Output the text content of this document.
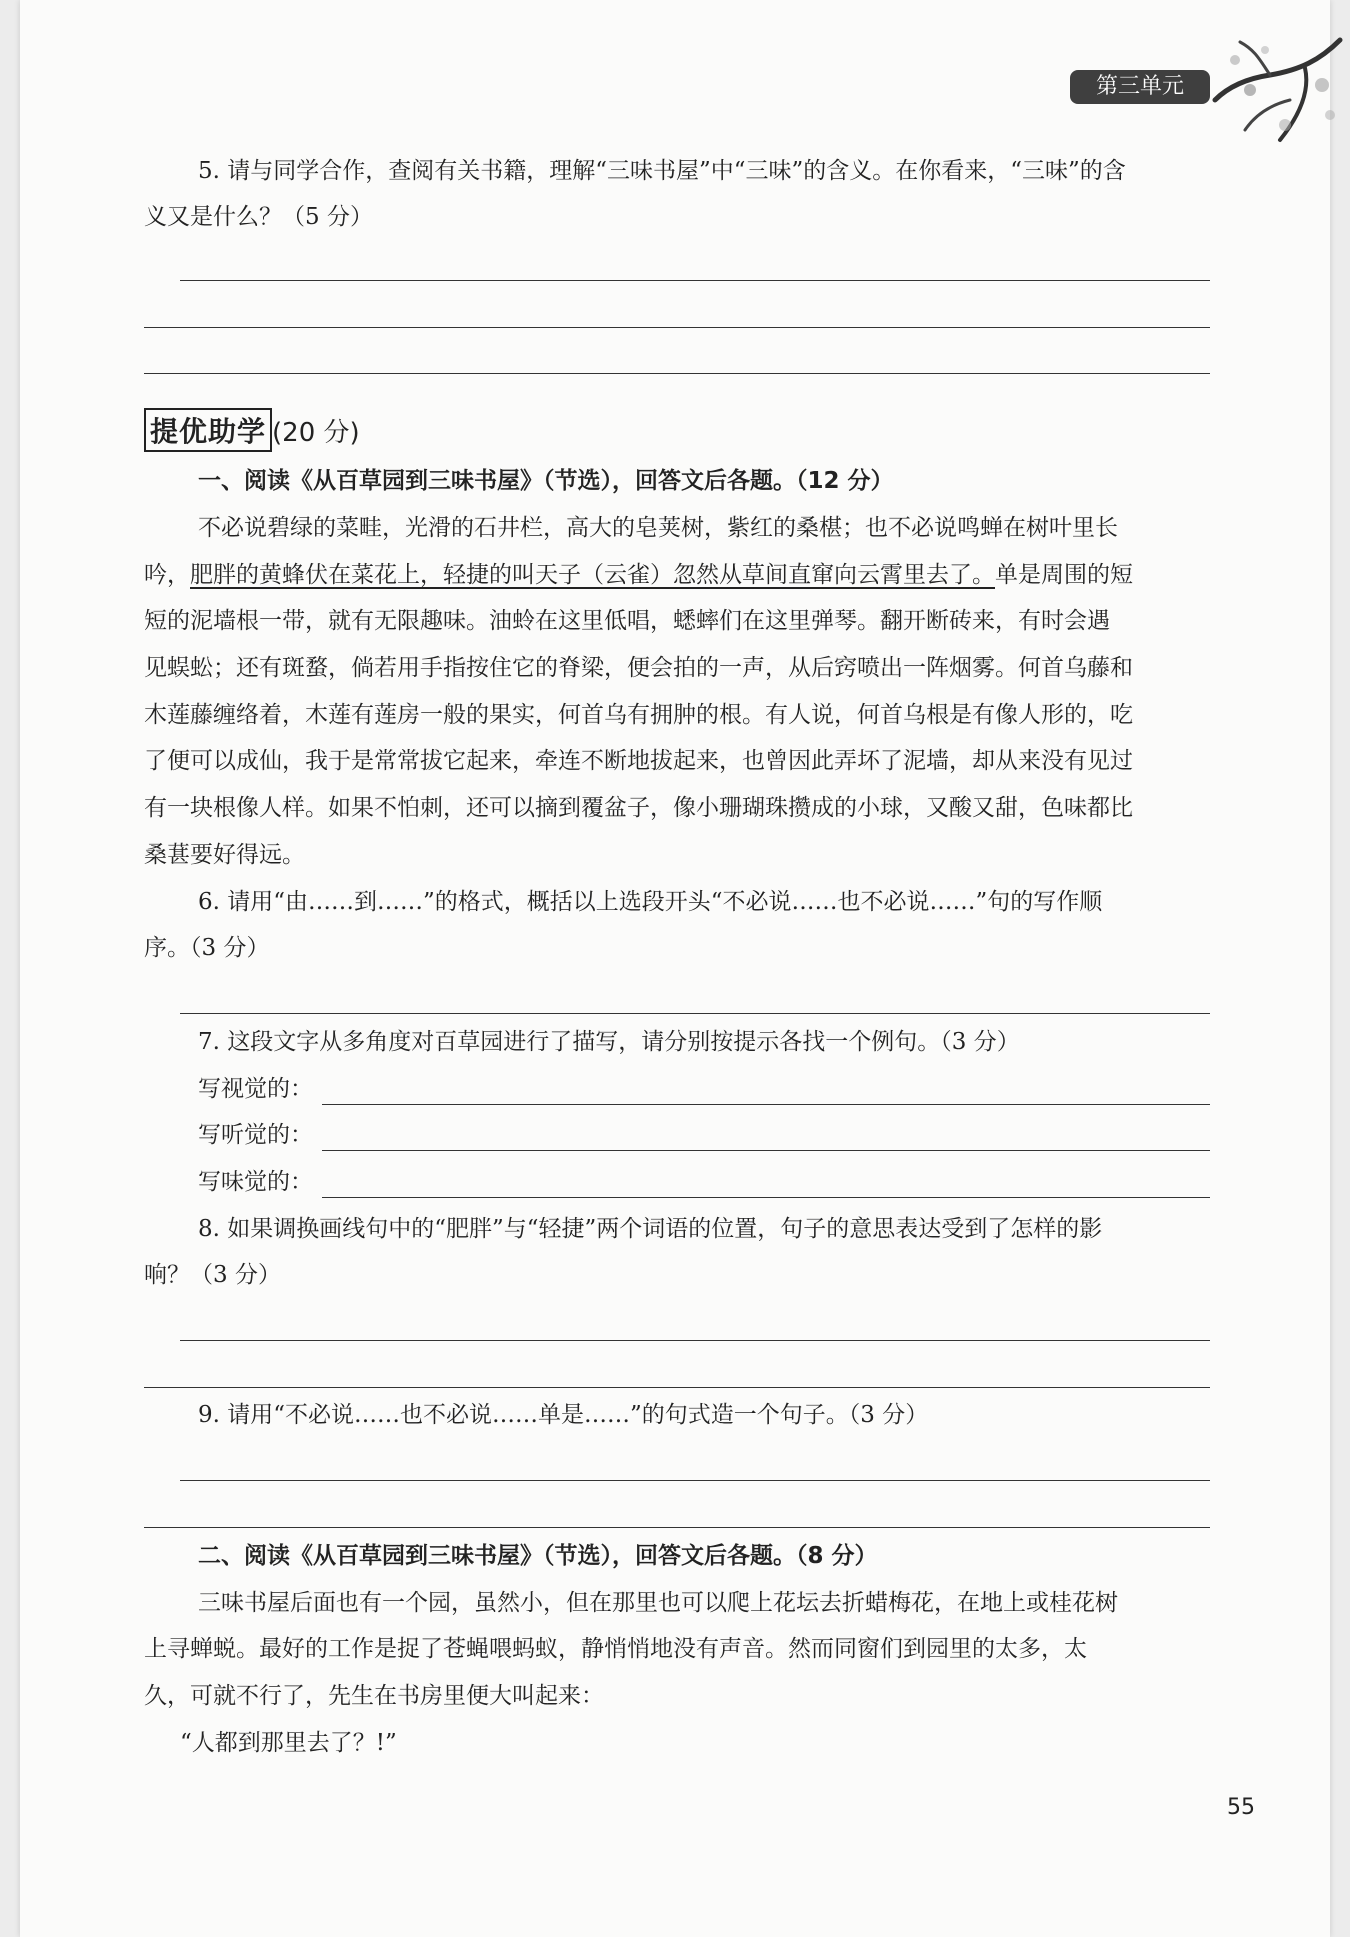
第三单元
5. 请与同学合作，查阅有关书籍，理解“三味书屋”中“三味”的含义。在你看来，“三味”的含
义又是什么？（5 分）
提优助学 (20 分)
一、阅读《从百草园到三味书屋》（节选），回答文后各题。（12 分）
不必说碧绿的菜畦，光滑的石井栏，高大的皂荚树，紫红的桑椹；也不必说鸣蝉在树叶里长
吟，肥胖的黄蜂伏在菜花上，轻捷的叫天子（云雀）忽然从草间直窜向云霄里去了。单是周围的短
短的泥墙根一带，就有无限趣味。油蛉在这里低唱，蟋蟀们在这里弹琴。翻开断砖来，有时会遇
见蜈蚣；还有斑蝥，倘若用手指按住它的脊梁，便会拍的一声，从后窍喷出一阵烟雾。何首乌藤和
木莲藤缠络着，木莲有莲房一般的果实，何首乌有拥肿的根。有人说，何首乌根是有像人形的，吃
了便可以成仙，我于是常常拔它起来，牵连不断地拔起来，也曾因此弄坏了泥墙，却从来没有见过
有一块根像人样。如果不怕刺，还可以摘到覆盆子，像小珊瑚珠攒成的小球，又酸又甜，色味都比
桑葚要好得远。
6. 请用“由……到……”的格式，概括以上选段开头“不必说……也不必说……”句的写作顺
序。（3 分）
7. 这段文字从多角度对百草园进行了描写，请分别按提示各找一个例句。（3 分）
写视觉的：
写听觉的：
写味觉的：
8. 如果调换画线句中的“肥胖”与“轻捷”两个词语的位置，句子的意思表达受到了怎样的影
响？（3 分）
9. 请用“不必说……也不必说……单是……”的句式造一个句子。（3 分）
二、阅读《从百草园到三味书屋》（节选），回答文后各题。（8 分）
三味书屋后面也有一个园，虽然小，但在那里也可以爬上花坛去折蜡梅花，在地上或桂花树
上寻蝉蜕。最好的工作是捉了苍蝇喂蚂蚁，静悄悄地没有声音。然而同窗们到园里的太多，太
久，可就不行了，先生在书房里便大叫起来：
“人都到那里去了？!”
55
